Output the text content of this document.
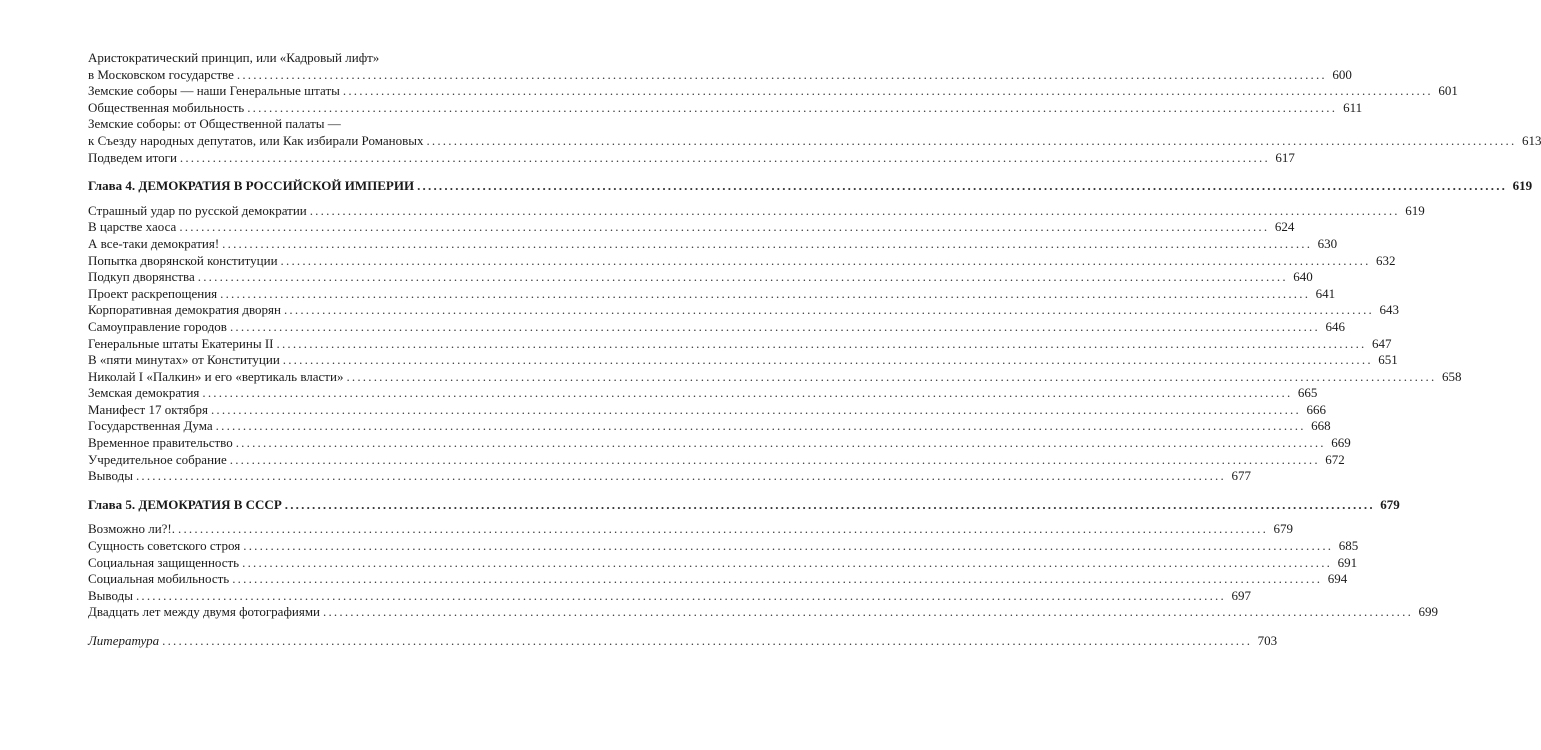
Аристократический принцип, или «Кадровый лифт»
в Московском государстве ........................................................................................................................................................................................................ 600
Земские соборы — наши Генеральные штаты ........................................................................................................................................................................................................ 601
Общественная мобильность ........................................................................................................................................................................................................ 611
Земские соборы: от Общественной палаты —
к Съезду народных депутатов, или Как избирали Романовых ........................................................................................................................................................................................................ 613
Подведем итоги ........................................................................................................................................................................................................ 617
Глава 4. ДЕМОКРАТИЯ В РОССИЙСКОЙ ИМПЕРИИ ........................................................................................................................................................................................................ 619
Страшный удар по русской демократии ........................................................................................................................................................................................................ 619
В царстве хаоса ........................................................................................................................................................................................................ 624
А все-таки демократия! ........................................................................................................................................................................................................ 630
Попытка дворянской конституции ........................................................................................................................................................................................................ 632
Подкуп дворянства ........................................................................................................................................................................................................ 640
Проект раскрепощения ........................................................................................................................................................................................................ 641
Корпоративная демократия дворян ........................................................................................................................................................................................................ 643
Самоуправление городов ........................................................................................................................................................................................................ 646
Генеральные штаты Екатерины II ........................................................................................................................................................................................................ 647
В «пяти минутах» от Конституции ........................................................................................................................................................................................................ 651
Николай I «Палкин» и его «вертикаль власти» ........................................................................................................................................................................................................ 658
Земская демократия ........................................................................................................................................................................................................ 665
Манифест 17 октября ........................................................................................................................................................................................................ 666
Государственная Дума ........................................................................................................................................................................................................ 668
Временное правительство ........................................................................................................................................................................................................ 669
Учредительное собрание ........................................................................................................................................................................................................ 672
Выводы ........................................................................................................................................................................................................ 677
Глава 5. ДЕМОКРАТИЯ В СССР ........................................................................................................................................................................................................ 679
Возможно ли?!. ........................................................................................................................................................................................................ 679
Сущность советского строя ........................................................................................................................................................................................................ 685
Социальная защищенность ........................................................................................................................................................................................................ 691
Социальная мобильность ........................................................................................................................................................................................................ 694
Выводы ........................................................................................................................................................................................................ 697
Двадцать лет между двумя фотографиями ........................................................................................................................................................................................................ 699
Литература ........................................................................................................................................................................................................ 703
